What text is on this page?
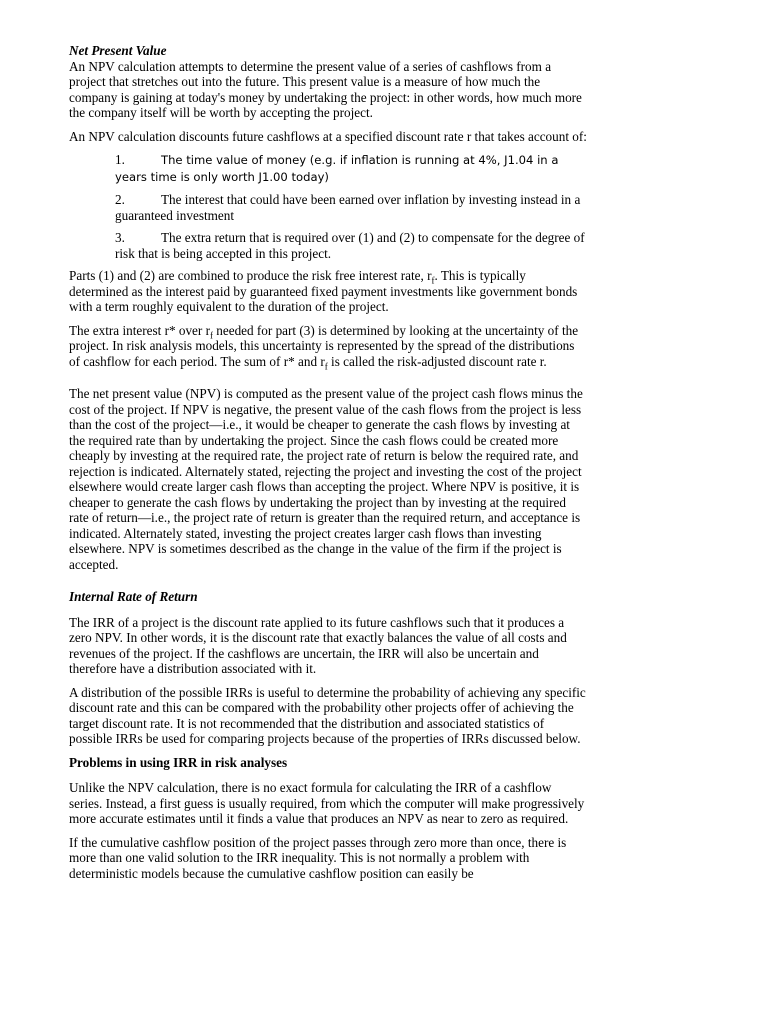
Net Present Value

An NPV calculation attempts to determine the present value of a series of cashflows from a project that stretches out into the future. This present value is a measure of how much the company is gaining at today's money by undertaking the project: in other words, how much more the company itself will be worth by accepting the project.

An NPV calculation discounts future cashflows at a specified discount rate r that takes account of:

1.	The time value of money (e.g. if inflation is running at 4%, J1.04 in a years time is only worth J1.00 today)
2.	The interest that could have been earned over inflation by investing instead in a guaranteed investment
3.	The extra return that is required over (1) and (2) to compensate for the degree of risk that is being accepted in this project.

Parts (1) and (2) are combined to produce the risk free interest rate, $r_f$. This is typically determined as the interest paid by guaranteed fixed payment investments like government bonds with a term roughly equivalent to the duration of the project.

The extra interest r* over $r_f$ needed for part (3) is determined by looking at the uncertainty of the project. In risk analysis models, this uncertainty is represented by the spread of the distributions of cashflow for each period. The sum of r* and $r_f$ is called the risk-adjusted discount rate r.

The net present value (NPV) is computed as the present value of the project cash flows minus the cost of the project. If NPV is negative, the present value of the cash flows from the project is less than the cost of the project—i.e., it would be cheaper to generate the cash flows by investing at the required rate than by undertaking the project. Since the cash flows could be created more cheaply by investing at the required rate, the project rate of return is below the required rate, and rejection is indicated. Alternately stated, rejecting the project and investing the cost of the project elsewhere would create larger cash flows than accepting the project. Where NPV is positive, it is cheaper to generate the cash flows by undertaking the project than by investing at the required rate of return—i.e., the project rate of return is greater than the required return, and acceptance is indicated. Alternately stated, investing the project creates larger cash flows than investing elsewhere. NPV is sometimes described as the change in the value of the firm if the project is accepted.

Internal Rate of Return

The IRR of a project is the discount rate applied to its future cashflows such that it produces a zero NPV. In other words, it is the discount rate that exactly balances the value of all costs and revenues of the project. If the cashflows are uncertain, the IRR will also be uncertain and therefore have a distribution associated with it.

A distribution of the possible IRRs is useful to determine the probability of achieving any specific discount rate and this can be compared with the probability other projects offer of achieving the target discount rate. It is not recommended that the distribution and associated statistics of possible IRRs be used for comparing projects because of the properties of IRRs discussed below.

Problems in using IRR in risk analyses

Unlike the NPV calculation, there is no exact formula for calculating the IRR of a cashflow series. Instead, a first guess is usually required, from which the computer will make progressively more accurate estimates until it finds a value that produces an NPV as near to zero as required.

If the cumulative cashflow position of the project passes through zero more than once, there is more than one valid solution to the IRR inequality. This is not normally a problem with deterministic models because the cumulative cashflow position can easily be
